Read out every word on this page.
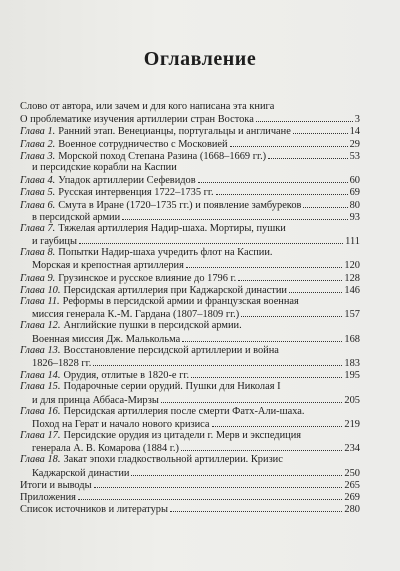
Оглавление
Слово от автора, или зачем и для кого написана эта книга
О проблематике изучения артиллерии стран Востока	3
Глава 1. Ранний этап. Венецианцы, португальцы и англичане	14
Глава 2. Военное сотрудничество с Московией	29
Глава 3. Морской поход Степана Разина (1668–1669 гг.)	53
и персидские корабли на Каспии
Глава 4. Упадок артиллерии Сефевидов	60
Глава 5. Русская интервенция 1722–1735 гг.	69
Глава 6. Смута в Иране (1720–1735 гг.) и появление замбуреков	80
в персидской армии	93
Глава 7. Тяжелая артиллерия Надир-шаха. Мортиры, пушки
и гаубицы	111
Глава 8. Попытки Надир-шаха учредить флот на Каспии.
Морская и крепостная артиллерия	120
Глава 9. Грузинское и русское влияние до 1796 г.	128
Глава 10. Персидская артиллерия при Каджарской династии	146
Глава 11. Реформы в персидской армии и французская военная
миссия генерала К.-М. Гардана (1807–1809 гг.)	157
Глава 12. Английские пушки в персидской армии.
Военная миссия Дж. Малькольма	168
Глава 13. Восстановление персидской артиллерии и война
1826–1828 гг.	183
Глава 14. Орудия, отлитые в 1820-е гг.	195
Глава 15. Подарочные серии орудий. Пушки для Николая I
и для принца Аббаса-Мирзы	205
Глава 16. Персидская артиллерия после смерти Фатх-Али-шаха.
Поход на Герат и начало нового кризиса	219
Глава 17. Персидские орудия из цитадели г. Мерв и экспедиция
генерала А. В. Комарова (1884 г.)	234
Глава 18. Закат эпохи гладкоствольной артиллерии. Кризис
Каджарской династии	250
Итоги и выводы	265
Приложения	269
Список источников и литературы	280
